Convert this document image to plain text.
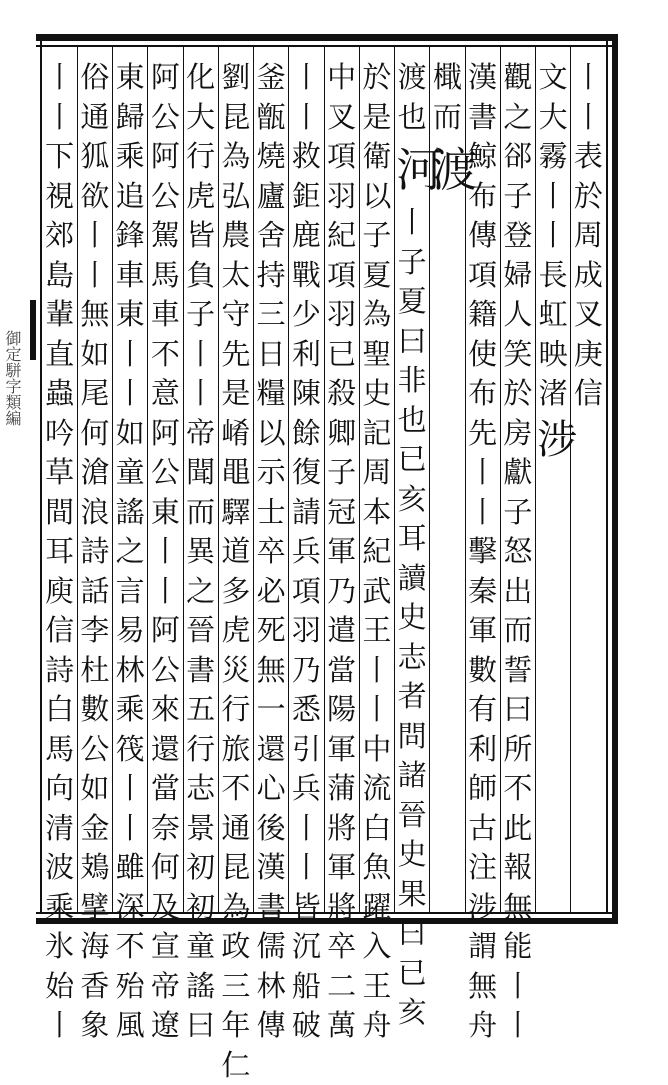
御定駢字類編
丨
丨
表
於
周
成
叉
庚
信
文
大
霧
丨
丨
長
虹
映
渚
涉
觀
之
郤
子
登
婦
人
笑
於
房
獻
子
怒
出
而
誓
曰
所
不
此
報
無
能
丨
丨
漢
書
鯨
布
傳
項
籍
使
布
先
丨
丨
擊
秦
軍
數
有
利
師
古
注
涉
謂
無
舟
檝
而
渡
渡
也
河
丨
子
夏
曰
非
也
已
亥
耳
讀
史
志
者
問
諸
晉
史
果
曰
已
亥
於
是
衛
以
子
夏
為
聖
史
記
周
本
紀
武
王
丨
丨
中
流
白
魚
躍
入
王
舟
中
叉
項
羽
紀
項
羽
已
殺
卿
子
冠
軍
乃
遣
當
陽
軍
蒲
將
軍
將
卒
二
萬
丨
丨
救
鉅
鹿
戰
少
利
陳
餘
復
請
兵
項
羽
乃
悉
引
兵
丨
丨
皆
沉
船
破
釜
甑
燒
廬
舍
持
三
日
糧
以
示
士
卒
必
死
無
一
還
心
後
漢
書
儒
林
傳
劉
昆
為
弘
農
太
守
先
是
崤
黽
驛
道
多
虎
災
行
旅
不
通
昆
為
政
三
年
仁
化
大
行
虎
皆
負
子
丨
丨
帝
聞
而
異
之
晉
書
五
行
志
景
初
初
童
謠
曰
阿
公
阿
公
駕
馬
車
不
意
阿
公
東
丨
丨
阿
公
來
還
當
奈
何
及
宣
帝
遼
東
歸
乘
追
鋒
車
東
丨
丨
如
童
謠
之
言
易
林
乘
筏
丨
丨
雖
深
不
殆
風
俗
通
狐
欲
丨
丨
無
如
尾
何
滄
浪
詩
話
李
杜
數
公
如
金
鳷
擘
海
香
象
丨
丨
下
視
郊
島
輩
直
蟲
吟
草
間
耳
庾
信
詩
白
馬
向
清
波
乘
氷
始
丨
